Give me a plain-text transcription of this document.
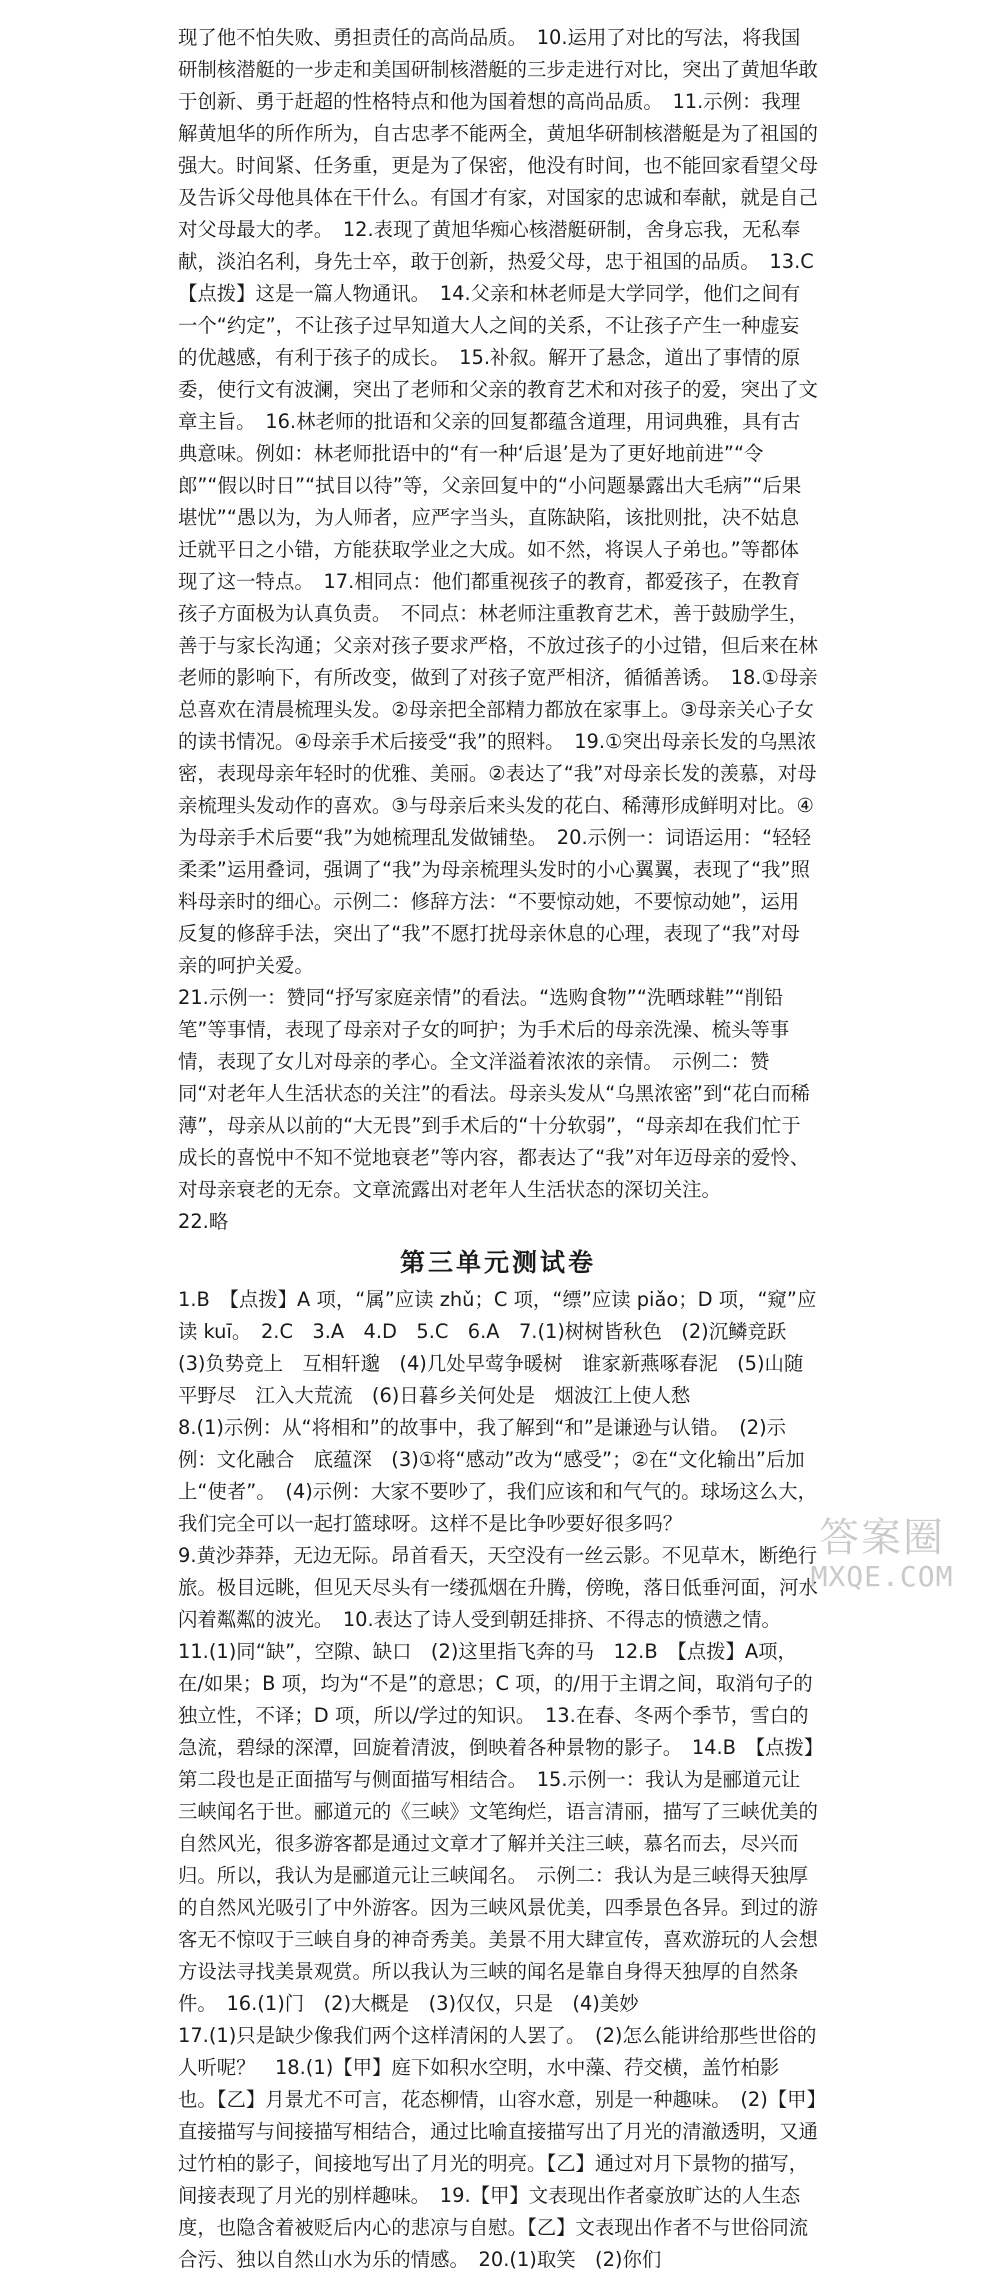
现了他不怕失败、勇担责任的高尚品质。　10.运用了对比的写法，将我国研制核潜艇的一步走和美国研制核潜艇的三步走进行对比，突出了黄旭华敢于创新、勇于赶超的性格特点和他为国着想的高尚品质。　11.示例：我理解黄旭华的所作所为，自古忠孝不能两全，黄旭华研制核潜艇是为了祖国的强大。时间紧、任务重，更是为了保密，他没有时间，也不能回家看望父母及告诉父母他具体在干什么。有国才有家，对国家的忠诚和奉献，就是自己对父母最大的孝。　12.表现了黄旭华痴心核潜艇研制，舍身忘我，无私奉献，淡泊名利，身先士卒，敢于创新，热爱父母，忠于祖国的品质。　13.C　【点拨】这是一篇人物通讯。　14.父亲和林老师是大学同学，他们之间有一个“约定”，不让孩子过早知道大人之间的关系，不让孩子产生一种虚妄的优越感，有利于孩子的成长。　15.补叙。解开了悬念，道出了事情的原委，使行文有波澜，突出了老师和父亲的教育艺术和对孩子的爱，突出了文章主旨。　16.林老师的批语和父亲的回复都蕴含道理，用词典雅，具有古典意味。例如：林老师批语中的“有一种‘后退’是为了更好地前进”“令郎”“假以时日”“拭目以待”等，父亲回复中的“小问题暴露出大毛病”“后果堪忧”“愚以为，为人师者，应严字当头，直陈缺陷，该批则批，决不姑息迁就平日之小错，方能获取学业之大成。如不然，将误人子弟也。”等都体现了这一特点。　17.相同点：他们都重视孩子的教育，都爱孩子，在教育孩子方面极为认真负责。　不同点：林老师注重教育艺术，善于鼓励学生，善于与家长沟通；父亲对孩子要求严格，不放过孩子的小过错，但后来在林老师的影响下，有所改变，做到了对孩子宽严相济，循循善诱。　18.①母亲总喜欢在清晨梳理头发。②母亲把全部精力都放在家事上。③母亲关心子女的读书情况。④母亲手术后接受“我”的照料。　19.①突出母亲长发的乌黑浓密，表现母亲年轻时的优雅、美丽。②表达了“我”对母亲长发的羡慕，对母亲梳理头发动作的喜欢。③与母亲后来头发的花白、稀薄形成鲜明对比。④为母亲手术后要“我”为她梳理乱发做铺垫。　20.示例一：词语运用：“轻轻柔柔”运用叠词，强调了“我”为母亲梳理头发时的小心翼翼，表现了“我”照料母亲时的细心。示例二：修辞方法：“不要惊动她，不要惊动她”，运用反复的修辞手法，突出了“我”不愿打扰母亲休息的心理，表现了“我”对母亲的呵护关爱。

21.示例一：赞同“抒写家庭亲情”的看法。“选购食物”“洗晒球鞋”“削铅笔”等事情，表现了母亲对子女的呵护；为手术后的母亲洗澡、梳头等事情，表现了女儿对母亲的孝心。全文洋溢着浓浓的亲情。　示例二：赞同“对老年人生活状态的关注”的看法。母亲头发从“乌黑浓密”到“花白而稀薄”，母亲从以前的“大无畏”到手术后的“十分软弱”，“母亲却在我们忙于成长的喜悦中不知不觉地衰老”等内容，都表达了“我”对年迈母亲的爱怜、对母亲衰老的无奈。文章流露出对老年人生活状态的深切关注。

22.略

第三单元测试卷

1.B　【点拨】A 项，“属”应读 zhǔ；C 项，“缥”应读 piǎo；D 项，“窥”应读 kuī。　2.C　3.A　4.D　5.C　6.A　7.(1)树树皆秋色　(2)沉鳞竞跃　(3)负势竞上　互相轩邈　(4)几处早莺争暖树　谁家新燕啄春泥　(5)山随平野尽　江入大荒流　(6)日暮乡关何处是　烟波江上使人愁

8.(1)示例：从“将相和”的故事中，我了解到“和”是谦逊与认错。　(2)示例：文化融合　底蕴深　(3)①将“感动”改为“感受”；②在“文化输出”后加上“使者”。　(4)示例：大家不要吵了，我们应该和和气气的。球场这么大，我们完全可以一起打篮球呀。这样不是比争吵要好很多吗？

9.黄沙莽莽，无边无际。昂首看天，天空没有一丝云影。不见草木，断绝行旅。极目远眺，但见天尽头有一缕孤烟在升腾，傍晚，落日低垂河面，河水闪着粼粼的波光。　10.表达了诗人受到朝廷排挤、不得志的愤懑之情。　11.(1)同“缺”，空隙、缺口　(2)这里指飞奔的马　12.B　【点拨】A项，在/如果；B 项，均为“不是”的意思；C 项，的/用于主谓之间，取消句子的独立性，不译；D 项，所以/学过的知识。　13.在春、冬两个季节，雪白的急流，碧绿的深潭，回旋着清波，倒映着各种景物的影子。　14.B　【点拨】第二段也是正面描写与侧面描写相结合。　15.示例一：我认为是郦道元让三峡闻名于世。郦道元的《三峡》文笔绚烂，语言清丽，描写了三峡优美的自然风光，很多游客都是通过文章才了解并关注三峡，慕名而去，尽兴而归。所以，我认为是郦道元让三峡闻名。　示例二：我认为是三峡得天独厚的自然风光吸引了中外游客。因为三峡风景优美，四季景色各异。到过的游客无不惊叹于三峡自身的神奇秀美。美景不用大肆宣传，喜欢游玩的人会想方设法寻找美景观赏。所以我认为三峡的闻名是靠自身得天独厚的自然条件。　16.(1)门　(2)大概是　(3)仅仅，只是　(4)美妙

17.(1)只是缺少像我们两个这样清闲的人罢了。　(2)怎么能讲给那些世俗的人听呢？　18.(1)【甲】庭下如积水空明，水中藻、荇交横，盖竹柏影也。【乙】月景尤不可言，花态柳情，山容水意，别是一种趣味。　(2)【甲】直接描写与间接描写相结合，通过比喻直接描写出了月光的清澈透明，又通过竹柏的影子，间接地写出了月光的明亮。【乙】通过对月下景物的描写，间接表现了月光的别样趣味。　19.【甲】文表现出作者豪放旷达的人生态度，也隐含着被贬后内心的悲凉与自慰。【乙】文表现出作者不与世俗同流合污、独以自然山水为乐的情感。　20.(1)取笑　(2)你们

答案圈
MXQE.COM
